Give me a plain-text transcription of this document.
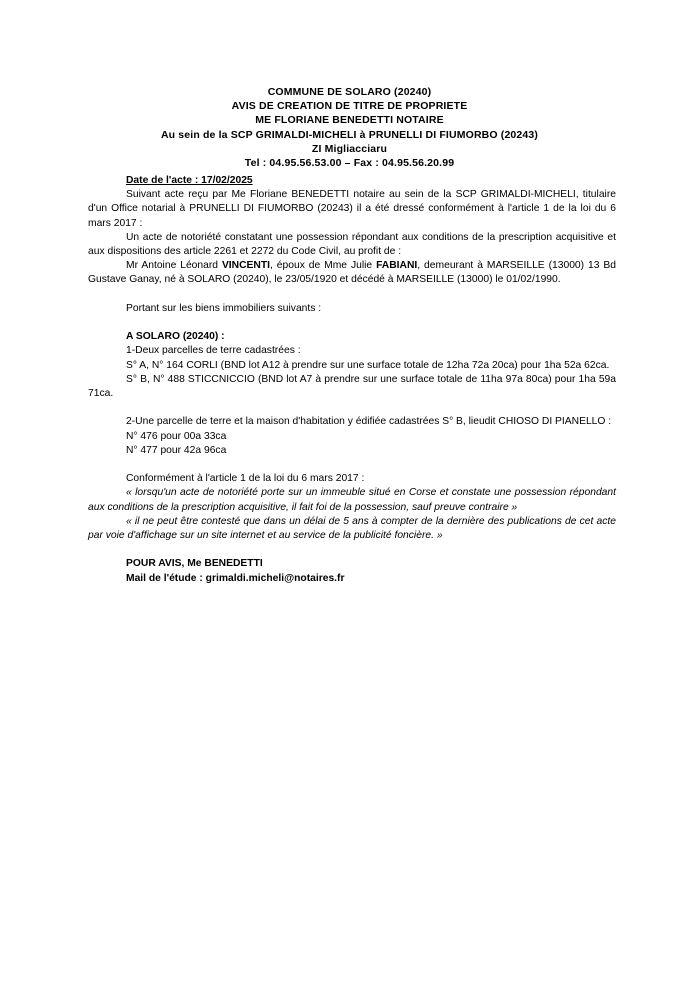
COMMUNE DE SOLARO (20240)
AVIS DE CREATION DE TITRE DE PROPRIETE
ME FLORIANE BENEDETTI NOTAIRE
Au sein de la SCP GRIMALDI-MICHELI à PRUNELLI DI FIUMORBO (20243)
ZI Migliacciaru
Tel : 04.95.56.53.00 – Fax : 04.95.56.20.99

Date de l'acte : 17/02/2025

Suivant acte reçu par Me Floriane BENEDETTI notaire au sein de la SCP GRIMALDI-MICHELI, titulaire d'un Office notarial à PRUNELLI DI FIUMORBO (20243) il a été dressé conformément à l'article 1 de la loi du 6 mars 2017 :

Un acte de notoriété constatant une possession répondant aux conditions de la prescription acquisitive et aux dispositions des article 2261 et 2272 du Code Civil, au profit de :

Mr Antoine Léonard VINCENTI, époux de Mme Julie FABIANI, demeurant à MARSEILLE (13000) 13 Bd Gustave Ganay, né à SOLARO (20240), le 23/05/1920 et décédé à MARSEILLE (13000) le 01/02/1990.

Portant sur les biens immobiliers suivants :

A SOLARO (20240) :

1-Deux parcelles de terre cadastrées :

S° A, N° 164 CORLI (BND lot A12 à prendre sur une surface totale de 12ha 72a 20ca) pour 1ha 52a 62ca.

S° B, N° 488 STICCNICCIO (BND lot A7 à prendre sur une surface totale de 11ha 97a 80ca) pour 1ha 59a 71ca.

2-Une parcelle de terre et la maison d'habitation y édifiée cadastrées S° B, lieudit CHIOSO DI PIANELLO :

N° 476 pour 00a 33ca

N° 477 pour 42a 96ca

Conformément à l'article 1 de la loi du 6 mars 2017 :

« lorsqu'un acte de notoriété porte sur un immeuble situé en Corse et constate une possession répondant aux conditions de la prescription acquisitive, il fait foi de la possession, sauf preuve contraire »

« il ne peut être contesté que dans un délai de 5 ans à compter de la dernière des publications de cet acte par voie d'affichage sur un site internet et au service de la publicité foncière. »

POUR AVIS, Me BENEDETTI

Mail de l'étude : grimaldi.micheli@notaires.fr
